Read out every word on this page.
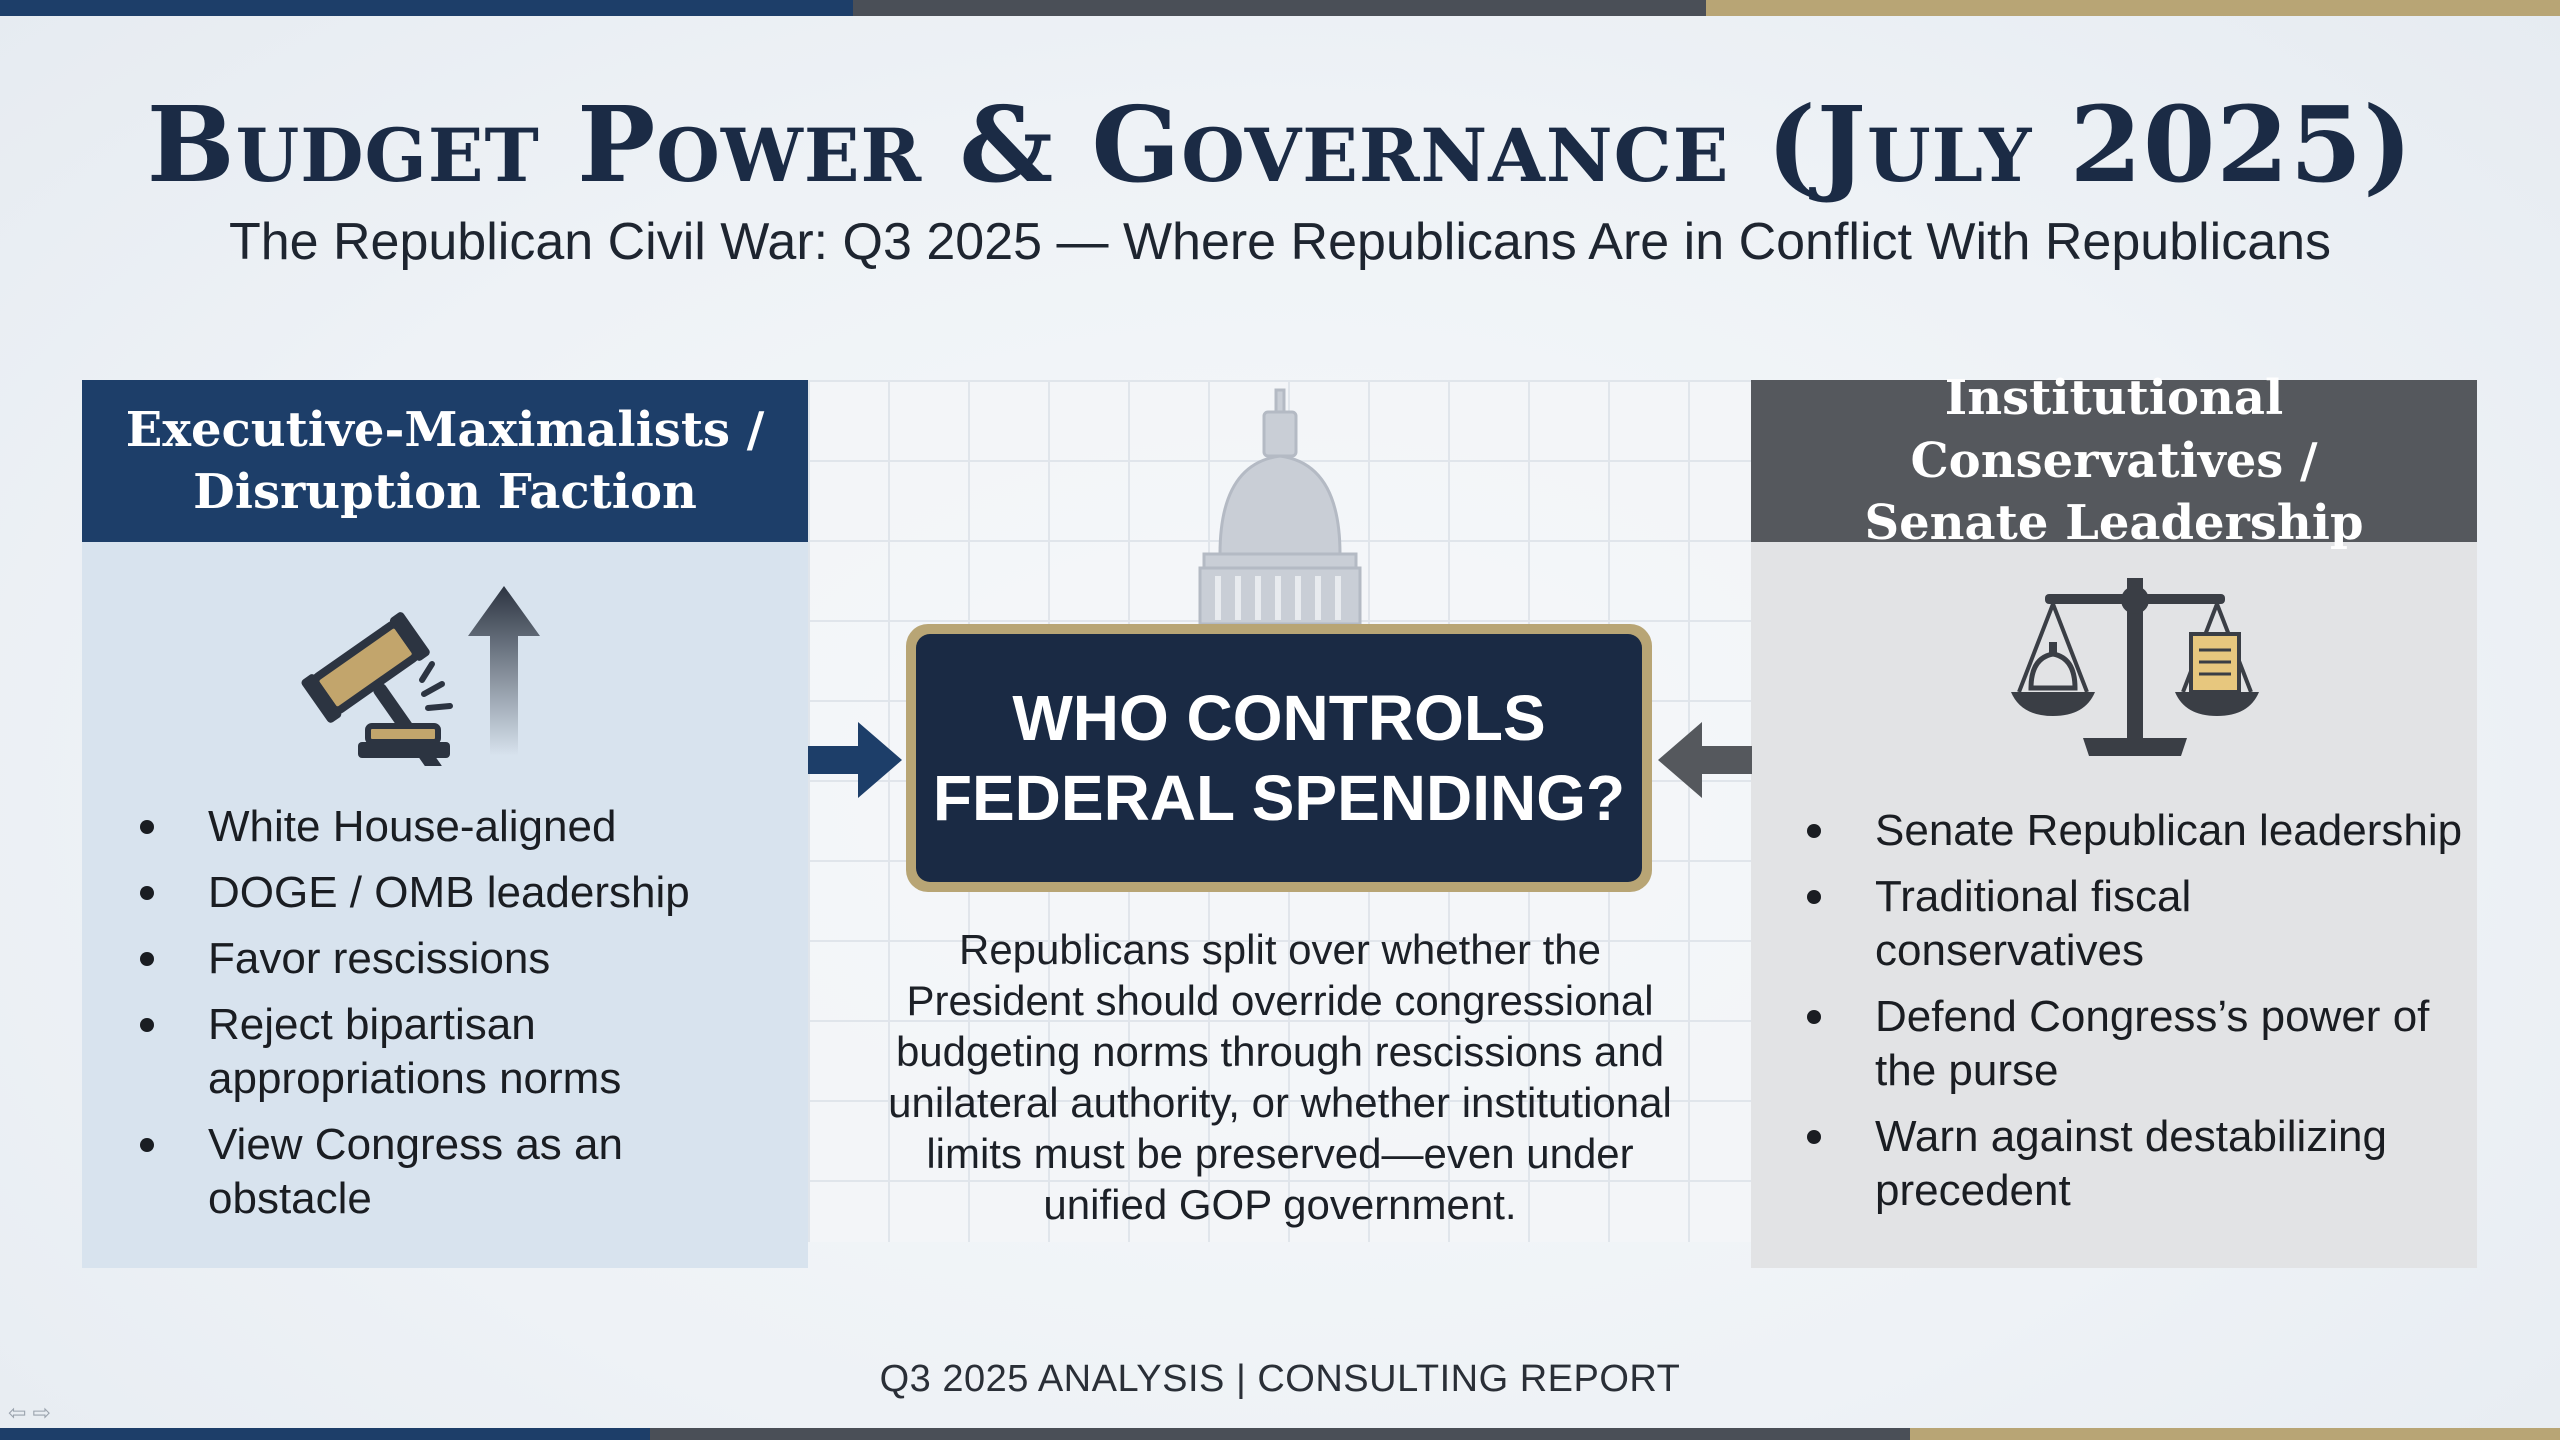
Budget Power & Governance (July 2025)
The Republican Civil War: Q3 2025 — Where Republicans Are in Conflict With Republicans
Executive-Maximalists /
Disruption Faction
White House-aligned
DOGE / OMB leadership
Favor rescissions
Reject bipartisan appropriations norms
View Congress as an obstacle
Institutional Conservatives /
Senate Leadership
Senate Republican leadership
Traditional fiscal conservatives
Defend Congress’s power of the purse
Warn against destabilizing precedent
WHO CONTROLS
FEDERAL SPENDING?
Republicans split over whether the President should override congressional budgeting norms through rescissions and unilateral authority, or whether institutional limits must be preserved—even under unified GOP government.
Q3 2025 ANALYSIS | CONSULTING REPORT
⇦ ⇨
